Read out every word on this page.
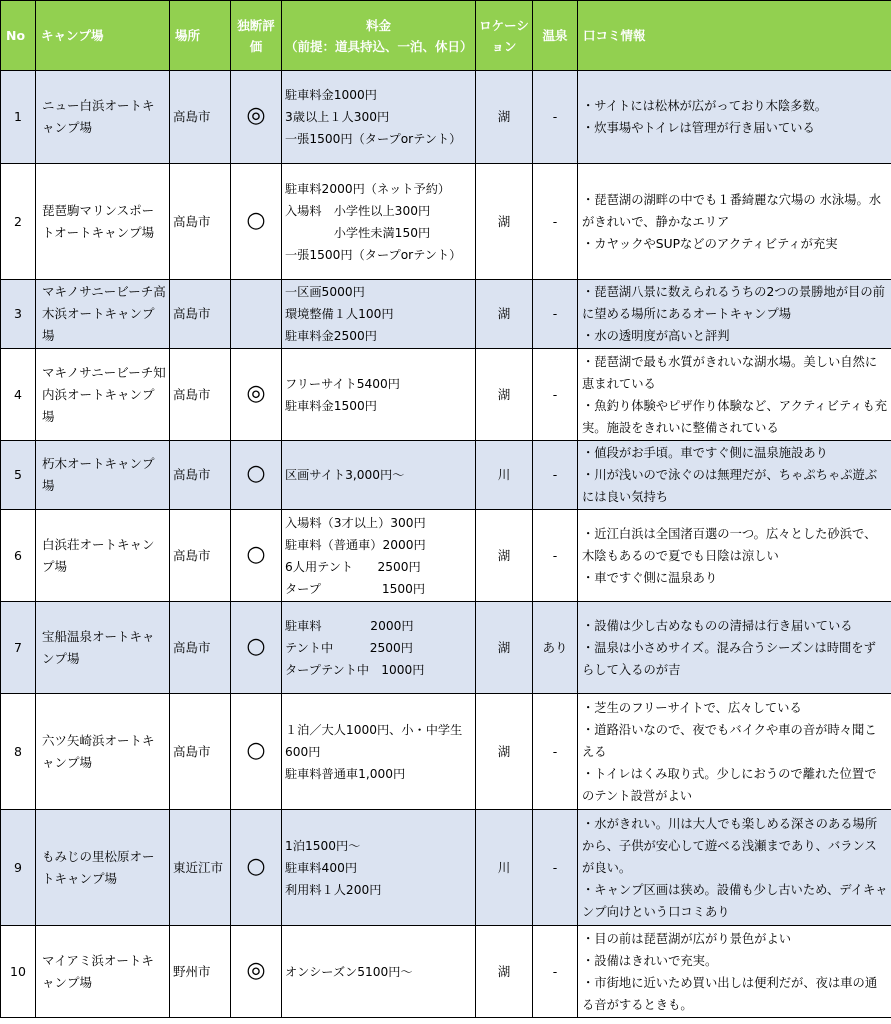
No	キャンプ場	場所	独断評価	料金
（前提：道具持込、一泊、休日）	ロケーション	温泉	口コミ情報
1	ニュー白浜オートキャンプ場	高島市	◎	駐車料金1000円
3歳以上１人300円
一張1500円（タープorテント）	湖	-	・サイトには松林が広がっており木陰多数。
・炊事場やトイレは管理が行き届いている

2	琵琶駒マリンスポートオートキャンプ場	高島市	○	駐車料2000円（ネット予約）
入場料　小学性以上300円
　　　　小学性未満150円
一張1500円（タープorテント）	湖	-	・琵琶湖の湖畔の中でも１番綺麗な穴場の 水泳場。水がきれいで、静かなエリア
・カヤックやSUPなどのアクティビティが充実

3	マキノサニービーチ高木浜オートキャンプ場	高島市		一区画5000円
環境整備１人100円
駐車料金2500円	湖	-	・琵琶湖八景に数えられるうちの2つの景勝地が目の前に望める場所にあるオートキャンプ場
・水の透明度が高いと評判

4	マキノサニービーチ知内浜オートキャンプ場	高島市	◎	フリーサイト5400円
駐車料金1500円	湖	-	・琵琶湖で最も水質がきれいな湖水場。美しい自然に恵まれている
・魚釣り体験やピザ作り体験など、アクティビティも充実。施設をきれいに整備されている

5	朽木オートキャンプ場	高島市	○	区画サイト3,000円～	川	-	・値段がお手頃。車ですぐ側に温泉施設あり
・川が浅いので泳ぐのは無理だが、ちゃぷちゃぷ遊ぶには良い気持ち

6	白浜荘オートキャンプ場	高島市	○	入場料（3才以上）300円
駐車料（普通車）2000円
6人用テント　　2500円
タープ　　　　　1500円	湖	-	・近江白浜は全国渚百選の一つ。広々とした砂浜で、木陰もあるので夏でも日陰は涼しい
・車ですぐ側に温泉あり

7	宝船温泉オートキャンプ場	高島市	○	駐車料　　　　2000円
テント中　　　2500円
タープテント中　1000円	湖	あり	・設備は少し古めなものの清掃は行き届いている
・温泉は小さめサイズ。混み合うシーズンは時間をずらして入るのが吉

8	六ツ矢崎浜オートキャンプ場	高島市	○	１泊／大人1000円、小・中学生600円
駐車料普通車1,000円	湖	-	・芝生のフリーサイトで、広々している
・道路沿いなので、夜でもバイクや車の音が時々聞こえる
・トイレはくみ取り式。少しにおうので離れた位置でのテント設営がよい

9	もみじの里松原オートキャンプ場	東近江市	○	1泊1500円～
駐車料400円
利用料１人200円	川	-	・水がきれい。川は大人でも楽しめる深さのある場所から、子供が安心して遊べる浅瀬まであり、バランスが良い。
・キャンプ区画は狭め。設備も少し古いため、デイキャンプ向けという口コミあり

10	マイアミ浜オートキャンプ場	野州市	◎	オンシーズン5100円～	湖	-	・目の前は琵琶湖が広がり景色がよい
・設備はきれいで充実。
・市街地に近いため買い出しは便利だが、夜は車の通る音がするときも。
